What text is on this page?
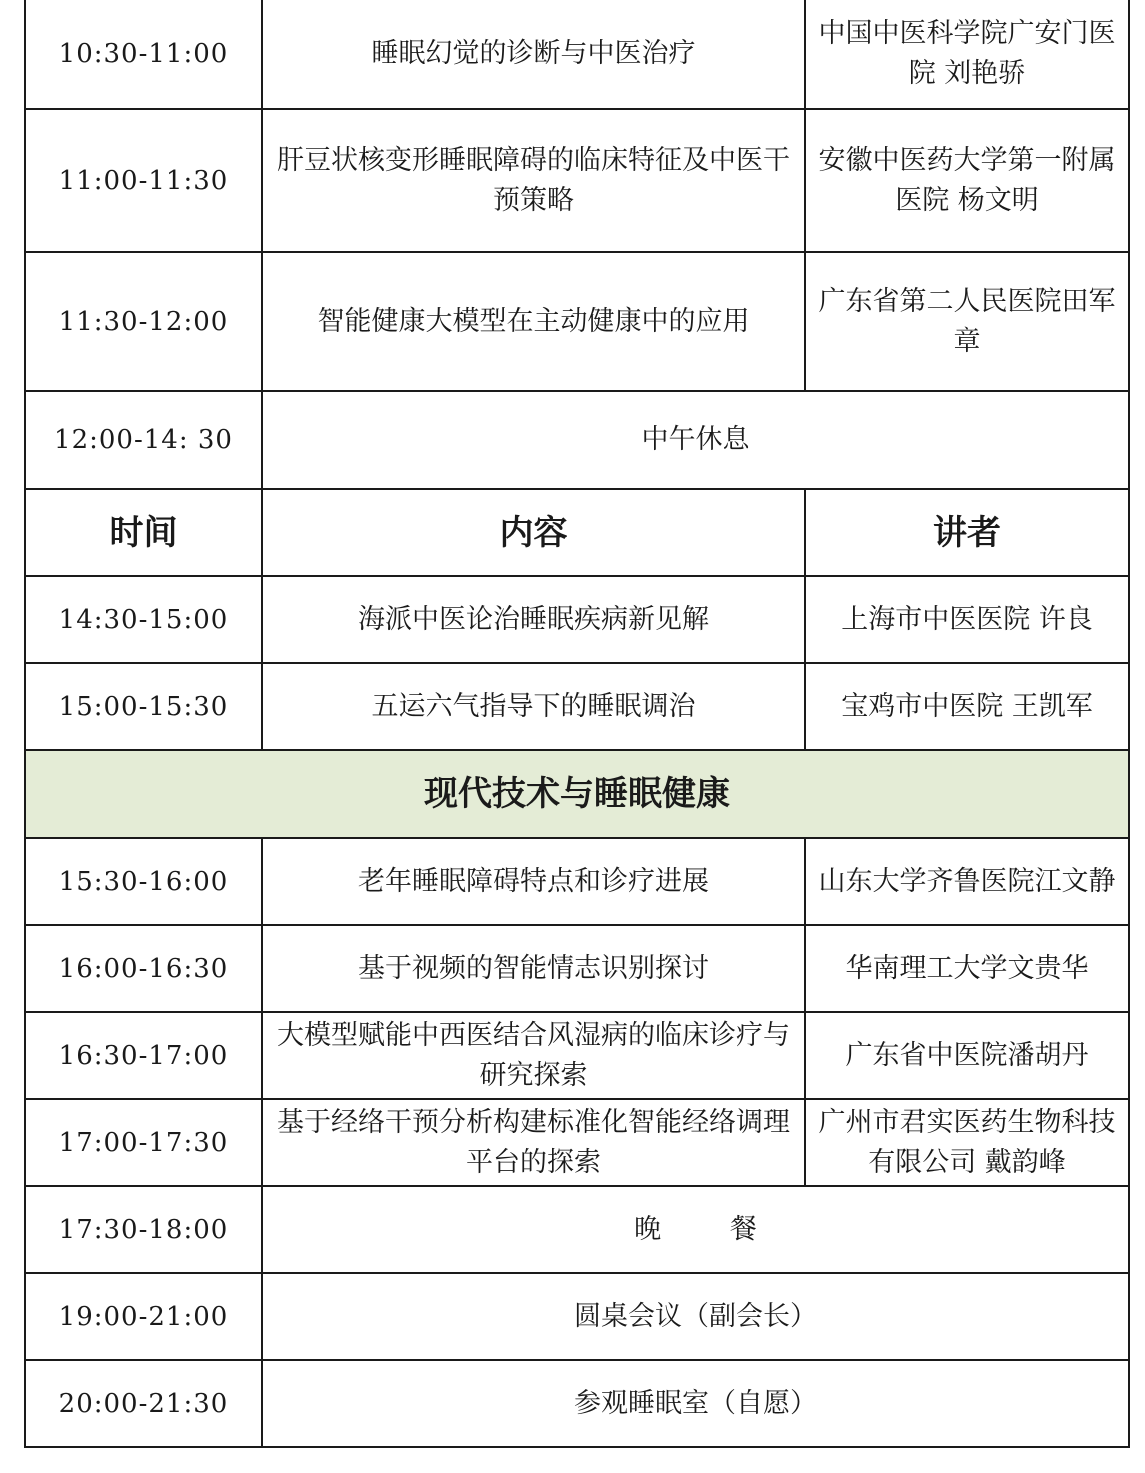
10:30-11:00	睡眠幻觉的诊断与中医治疗	中国中医科学院广安门医院 刘艳骄
11:00-11:30	肝豆状核变形睡眠障碍的临床特征及中医干预策略	安徽中医药大学第一附属医院 杨文明
11:30-12:00	智能健康大模型在主动健康中的应用	广东省第二人民医院田军章
12:00-14: 30	中午休息	
时间	内容	讲者
14:30-15:00	海派中医论治睡眠疾病新见解	上海市中医医院 许良
15:00-15:30	五运六气指导下的睡眠调治	宝鸡市中医院 王凯军
现代技术与睡眠健康		
15:30-16:00	老年睡眠障碍特点和诊疗进展	山东大学齐鲁医院江文静
16:00-16:30	基于视频的智能情志识别探讨	华南理工大学文贵华
16:30-17:00	大模型赋能中西医结合风湿病的临床诊疗与研究探索	广东省中医院潘胡丹
17:00-17:30	基于经络干预分析构建标准化智能经络调理平台的探索	广州市君实医药生物科技有限公司 戴韵峰
17:30-18:00	晚        餐	
19:00-21:00	圆桌会议（副会长）	
20:00-21:30	参观睡眠室（自愿）	
